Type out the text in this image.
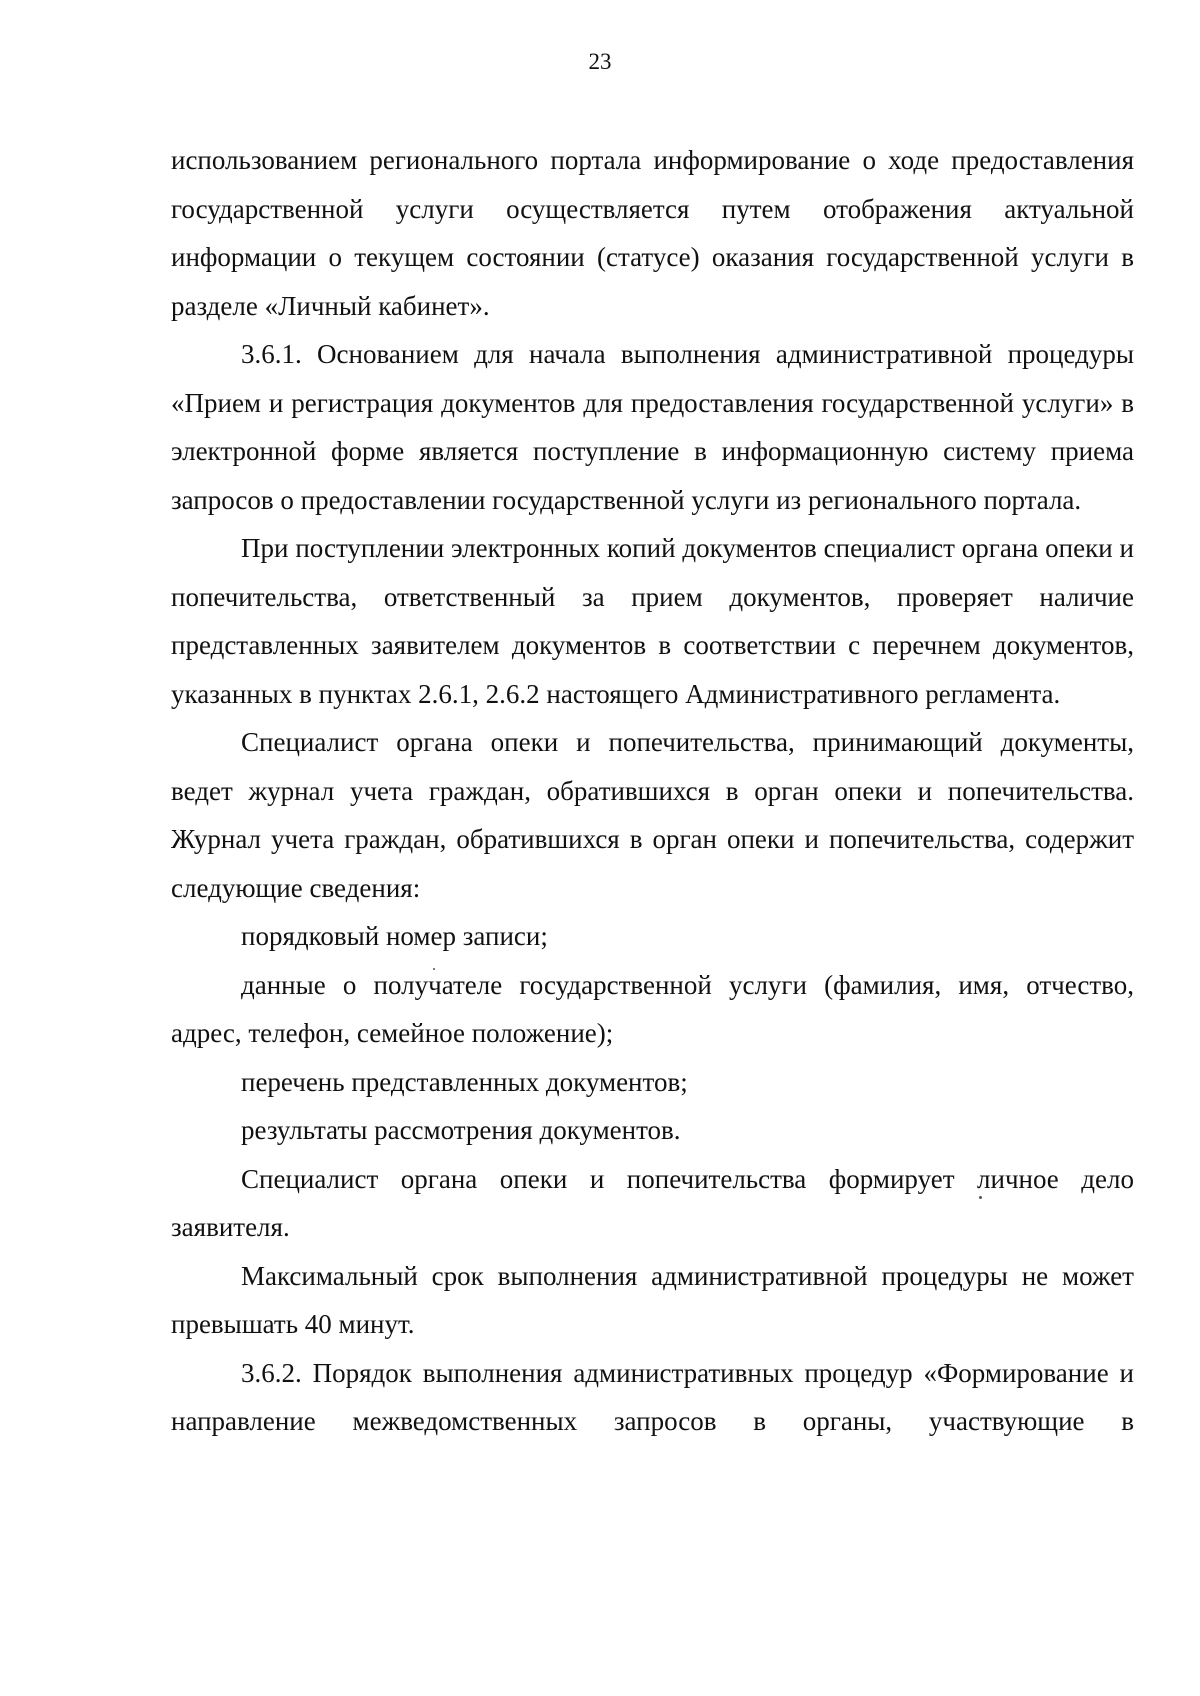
23

использованием регионального портала информирование о ходе предоставления государственной услуги осуществляется путем отображения актуальной информации о текущем состоянии (статусе) оказания государственной услуги в разделе «Личный кабинет».

3.6.1. Основанием для начала выполнения административной процедуры «Прием и регистрация документов для предоставления государственной услуги» в электронной форме является поступление в информационную систему приема запросов о предоставлении государственной услуги из регионального портала.

При поступлении электронных копий документов специалист органа опеки и попечительства, ответственный за прием документов, проверяет наличие представленных заявителем документов в соответствии с перечнем документов, указанных в пунктах 2.6.1, 2.6.2 настоящего Административного регламента.

Специалист органа опеки и попечительства, принимающий документы, ведет журнал учета граждан, обратившихся в орган опеки и попечительства. Журнал учета граждан, обратившихся в орган опеки и попечительства, содержит следующие сведения:

порядковый номер записи;

данные о получателе государственной услуги (фамилия, имя, отчество, адрес, телефон, семейное положение);

перечень представленных документов;

результаты рассмотрения документов.

Специалист органа опеки и попечительства формирует личное дело заявителя.

Максимальный срок выполнения административной процедуры не может превышать 40 минут.

3.6.2. Порядок выполнения административных процедур «Формирование и направление межведомственных запросов в органы, участвующие в
